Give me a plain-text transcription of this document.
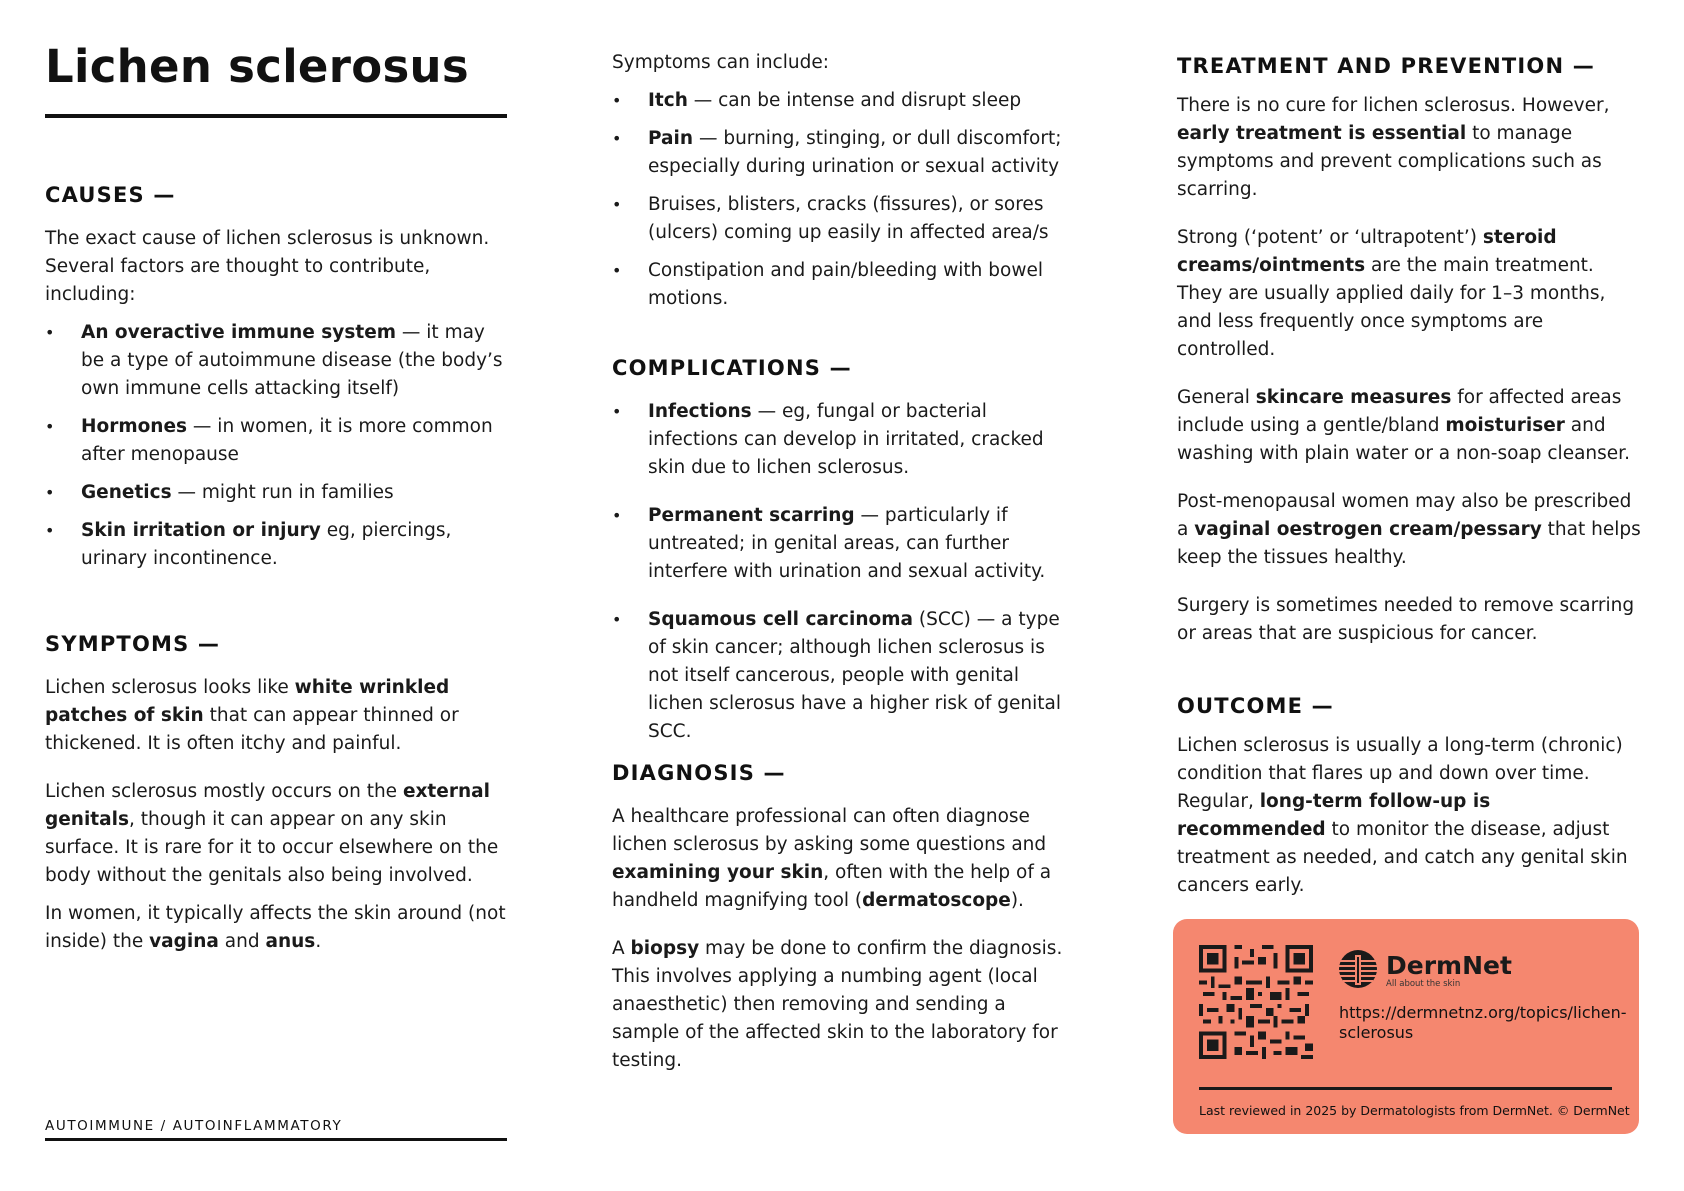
Lichen sclerosus
CAUSES —

The exact cause of lichen sclerosus is unknown. Several factors are thought to contribute, including:

• An overactive immune system — it may be a type of autoimmune disease (the body’s own immune cells attacking itself)
• Hormones — in women, it is more common after menopause
• Genetics — might run in families
• Skin irritation or injury eg, piercings, urinary incontinence.
SYMPTOMS —

Lichen sclerosus looks like white wrinkled patches of skin that can appear thinned or thickened. It is often itchy and painful.

Lichen sclerosus mostly occurs on the external genitals, though it can appear on any skin surface. It is rare for it to occur elsewhere on the body without the genitals also being involved.

In women, it typically affects the skin around (not inside) the vagina and anus.

AUTOIMMUNE / AUTOINFLAMMATORY

Symptoms can include:

• Itch — can be intense and disrupt sleep
• Pain — burning, stinging, or dull discomfort; especially during urination or sexual activity
• Bruises, blisters, cracks (fissures), or sores (ulcers) coming up easily in affected area/s
• Constipation and pain/bleeding with bowel motions.
COMPLICATIONS —
• Infections — eg, fungal or bacterial infections can develop in irritated, cracked skin due to lichen sclerosus.
• Permanent scarring — particularly if untreated; in genital areas, can further interfere with urination and sexual activity.
• Squamous cell carcinoma (SCC) — a type of skin cancer; although lichen sclerosus is not itself cancerous, people with genital lichen sclerosus have a higher risk of genital SCC.
DIAGNOSIS —

A healthcare professional can often diagnose lichen sclerosus by asking some questions and examining your skin, often with the help of a handheld magnifying tool (dermatoscope).

A biopsy may be done to confirm the diagnosis. This involves applying a numbing agent (local anaesthetic) then removing and sending a sample of the affected skin to the laboratory for testing.

TREATMENT AND PREVENTION —

There is no cure for lichen sclerosus. However, early treatment is essential to manage symptoms and prevent complications such as scarring.

Strong (‘potent’ or ‘ultrapotent’) steroid creams/ointments are the main treatment. They are usually applied daily for 1–3 months, and less frequently once symptoms are controlled.

General skincare measures for affected areas include using a gentle/bland moisturiser and washing with plain water or a non-soap cleanser.

Post-menopausal women may also be prescribed a vaginal oestrogen cream/pessary that helps keep the tissues healthy.

Surgery is sometimes needed to remove scarring or areas that are suspicious for cancer.

OUTCOME —

Lichen sclerosus is usually a long-term (chronic) condition that flares up and down over time. Regular, long-term follow-up is recommended to monitor the disease, adjust treatment as needed, and catch any genital skin cancers early.

DermNet
All about the skin
https://dermnetnz.org/topics/lichen-sclerosus
Last reviewed in 2025 by Dermatologists from DermNet. © DermNet
